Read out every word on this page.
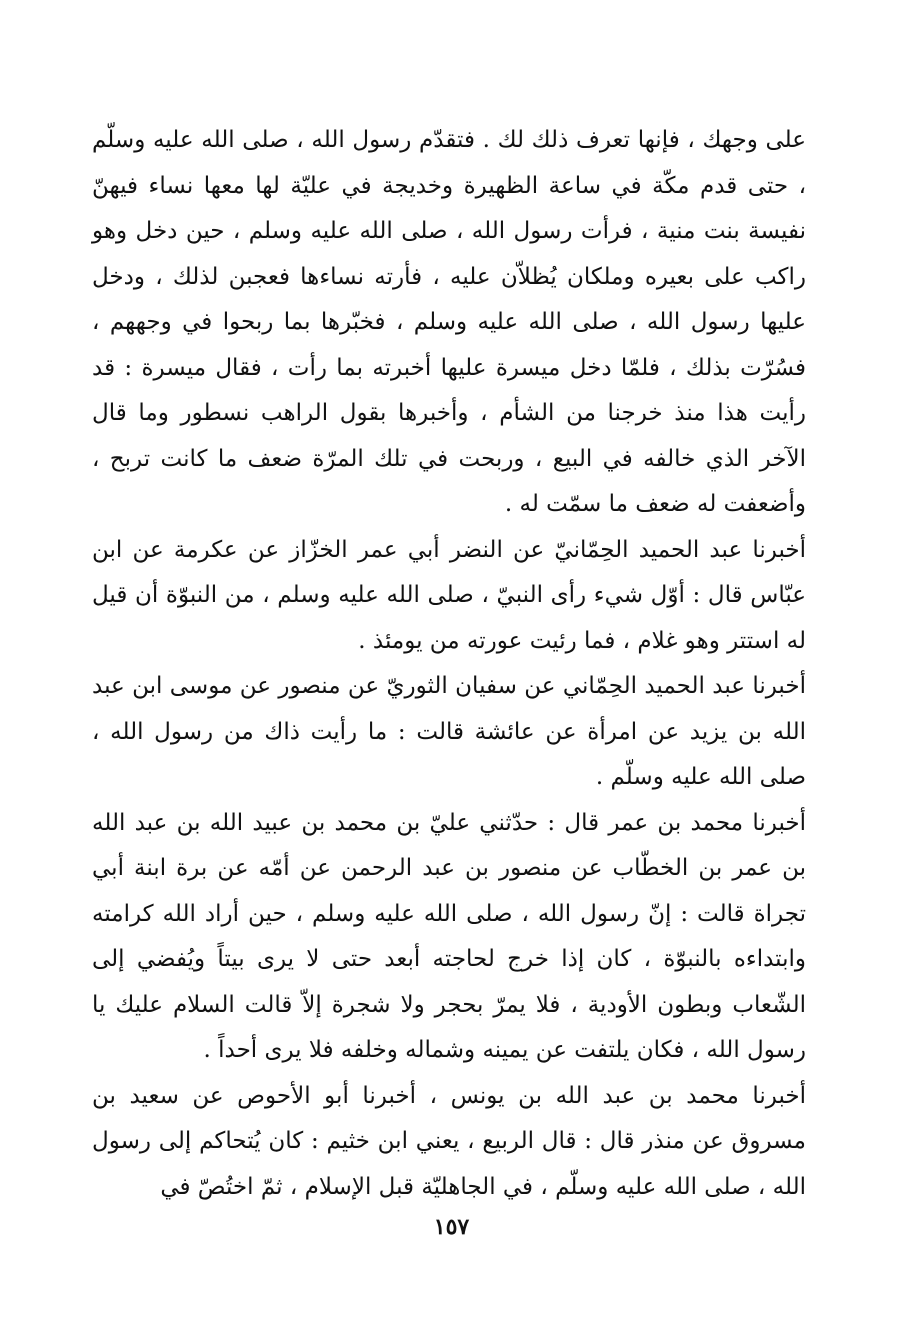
على وجهك ، فإنها تعرف ذلك لك . فتقدّم رسول الله ، صلى الله عليه وسلّم ، حتى قدم مكّة في ساعة الظهيرة وخديجة في عليّة لها معها نساء فيهنّ نفيسة بنت منية ، فرأت رسول الله ، صلى الله عليه وسلم ، حين دخل وهو راكب على بعيره وملكان يُظلاّن عليه ، فأرته نساءها فعجبن لذلك ، ودخل عليها رسول الله ، صلى الله عليه وسلم ، فخبّرها بما ربحوا في وجههم ، فسُرّت بذلك ، فلمّا دخل ميسرة عليها أخبرته بما رأت ، فقال ميسرة : قد رأيت هذا منذ خرجنا من الشأم ، وأخبرها بقول الراهب نسطور وما قال الآخر الذي خالفه في البيع ، وربحت في تلك المرّة ضعف ما كانت تربح ، وأضعفت له ضعف ما سمّت له .

أخبرنا عبد الحميد الحِمّانيّ عن النضر أبي عمر الخزّاز عن عكرمة عن ابن عبّاس قال : أوّل شيء رأى النبيّ ، صلى الله عليه وسلم ، من النبوّة أن قيل له استتر وهو غلام ، فما رئيت عورته من يومئذ .

أخبرنا عبد الحميد الحِمّاني عن سفيان الثوريّ عن منصور عن موسى ابن عبد الله بن يزيد عن امرأة عن عائشة قالت : ما رأيت ذاك من رسول الله ، صلى الله عليه وسلّم .

أخبرنا محمد بن عمر قال : حدّثني عليّ بن محمد بن عبيد الله بن عبد الله بن عمر بن الخطّاب عن منصور بن عبد الرحمن عن أمّه عن برة ابنة أبي تجراة قالت : إنّ رسول الله ، صلى الله عليه وسلم ، حين أراد الله كرامته وابتداءه بالنبوّة ، كان إذا خرج لحاجته أبعد حتى لا يرى بيتاً ويُفضي إلى الشّعاب وبطون الأودية ، فلا يمرّ بحجر ولا شجرة إلاّ قالت السلام عليك يا رسول الله ، فكان يلتفت عن يمينه وشماله وخلفه فلا يرى أحداً .

أخبرنا محمد بن عبد الله بن يونس ، أخبرنا أبو الأحوص عن سعيد بن مسروق عن منذر قال : قال الربيع ، يعني ابن خثيم : كان يُتحاكم إلى رسول الله ، صلى الله عليه وسلّم ، في الجاهليّة قبل الإسلام ، ثمّ اختُصّ في

١٥٧
